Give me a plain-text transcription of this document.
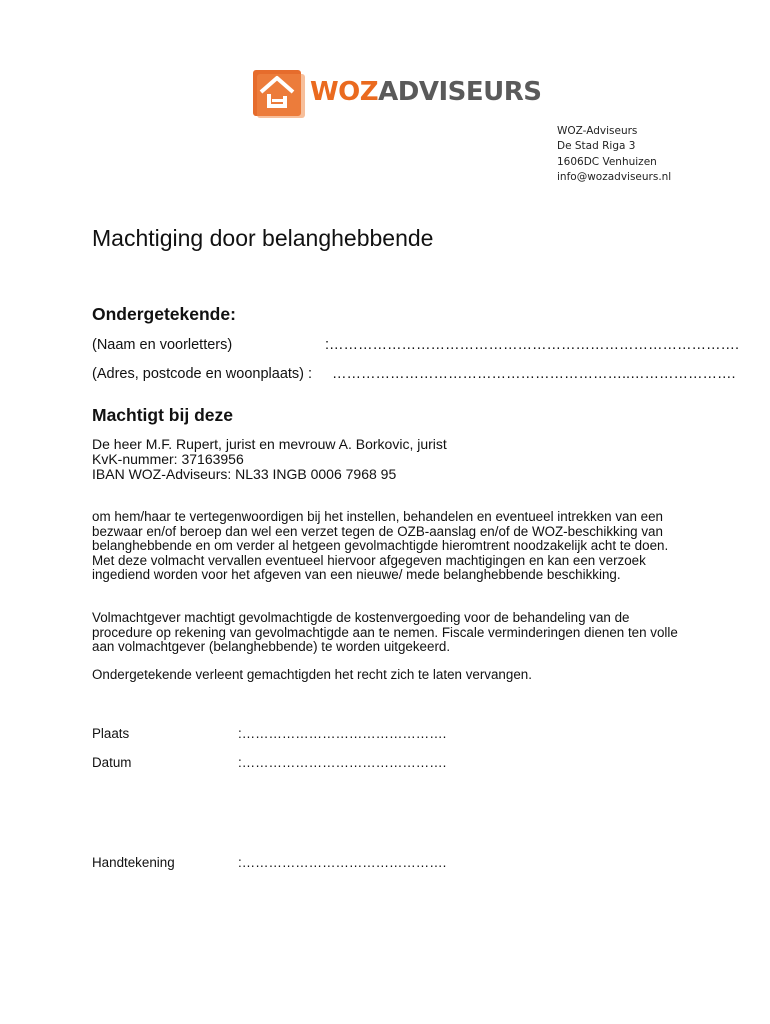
WOZADVISEURS
WOZ-Adviseurs
De Stad Riga 3
1606DC Venhuizen
info@wozadviseurs.nl
Machtiging door belanghebbende
Ondergetekende:
(Naam en voorletters)	:………………………………………………………………………….
(Adres, postcode en woonplaats) : ……………………………………………………..………………….
Machtigt bij deze
De heer M.F. Rupert, jurist en mevrouw A. Borkovic, jurist
KvK-nummer: 37163956
IBAN WOZ-Adviseurs: NL33 INGB 0006 7968 95
om hem/haar te vertegenwoordigen bij het instellen, behandelen en eventueel intrekken van een bezwaar en/of beroep dan wel een verzet tegen de OZB-aanslag en/of de WOZ-beschikking van belanghebbende en om verder al hetgeen gevolmachtigde hieromtrent noodzakelijk acht te doen. Met deze volmacht vervallen eventueel hiervoor afgegeven machtigingen en kan een verzoek ingediend worden voor het afgeven van een nieuwe/ mede belanghebbende beschikking.
Volmachtgever machtigt gevolmachtigde de kostenvergoeding voor de behandeling van de procedure op rekening van gevolmachtigde aan te nemen. Fiscale verminderingen dienen ten volle aan volmachtgever (belanghebbende) te worden uitgekeerd.
Ondergetekende verleent gemachtigden het recht zich te laten vervangen.
Plaats	:……………………………………….
Datum	:……………………………………….
Handtekening	:……………………………………….
